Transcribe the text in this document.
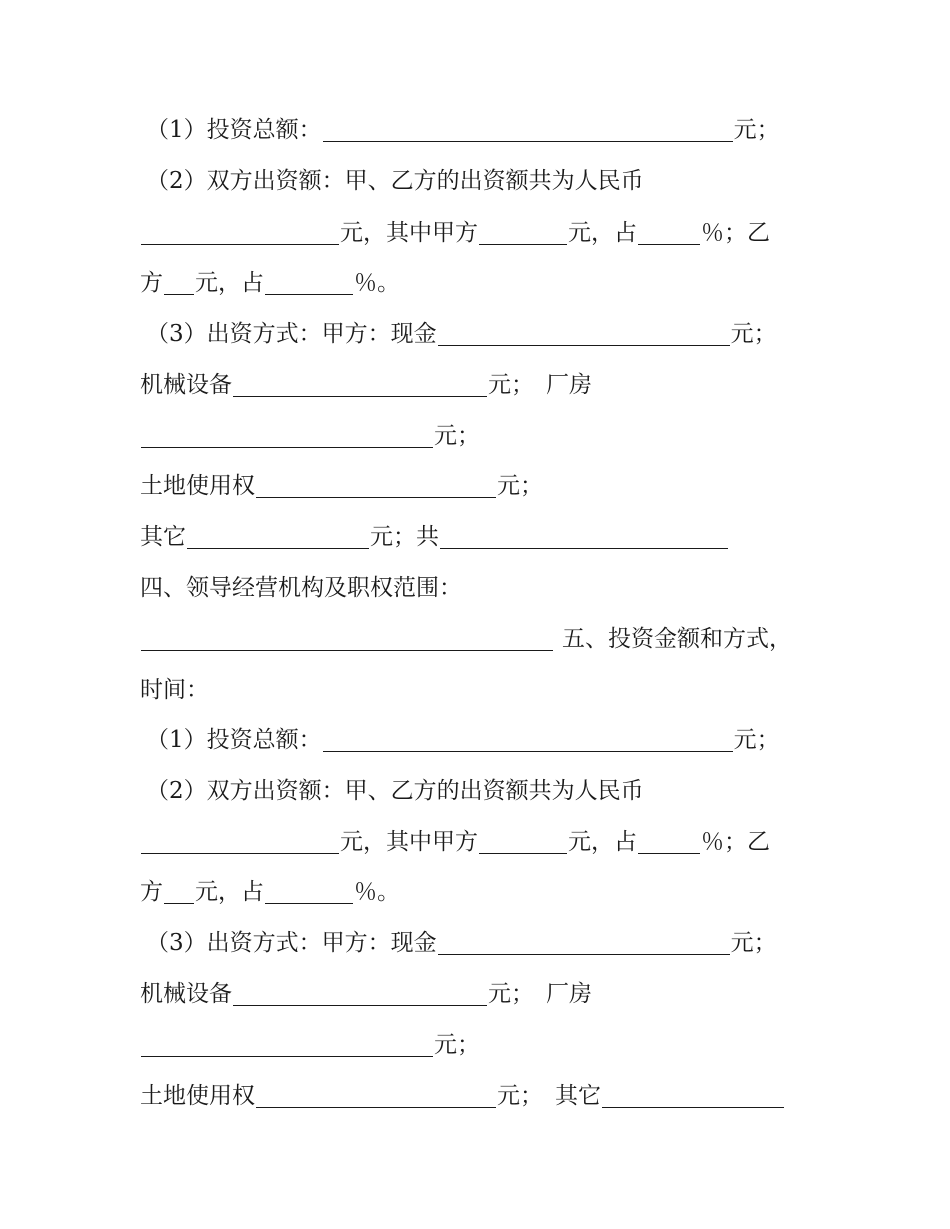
（1）投资总额：	元；
（2）双方出资额：甲、乙方的出资额共为人民币
元，其中甲方	元，占	％；乙
方 元，占	％。
（3）出资方式：甲方：现金	元；
机械设备	元； 厂房
元；
土地使用权	元；
其它	元；共
四、领导经营机构及职权范围：
五、投资金额和方式，
时间：
（1）投资总额：	元；
（2）双方出资额：甲、乙方的出资额共为人民币
元，其中甲方	元，占	％；乙
方 元，占	％。
（3）出资方式：甲方：现金	元；
机械设备	元； 厂房
元；
土地使用权	元； 其它
